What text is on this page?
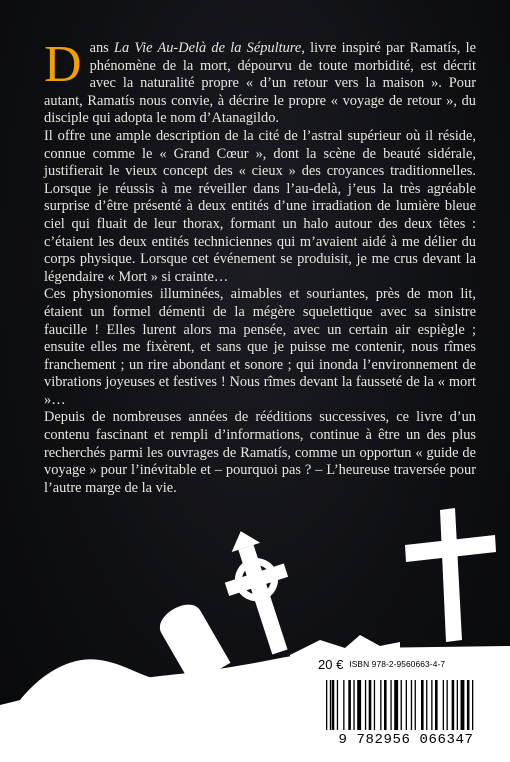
Dans La Vie Au-Delà de la Sépulture, livre inspiré par Ramatís, le phénomène de la mort, dépourvu de toute morbidité, est décrit avec la naturalité propre « d’un retour vers la maison ». Pour autant, Ramatís nous convie, à décrire le propre « voyage de retour », du disciple qui adopta le nom d’Atanagildo.

Il offre une ample description de la cité de l’astral supérieur où il réside, connue comme le « Grand Cœur », dont la scène de beauté sidérale, justifierait le vieux concept des « cieux » des croyances traditionnelles. Lorsque je réussis à me réveiller dans l’au-delà, j’eus la très agréable surprise d’être présenté à deux entités d’une irradiation de lumière bleue ciel qui fluait de leur thorax, formant un halo autour des deux têtes : c’étaient les deux entités techniciennes qui m’avaient aidé à me délier du corps physique. Lorsque cet événement se produisit, je me crus devant la légendaire « Mort » si crainte…

Ces physionomies illuminées, aimables et souriantes, près de mon lit, étaient un formel démenti de la mégère squelettique avec sa sinistre faucille ! Elles lurent alors ma pensée, avec un certain air espiègle ; ensuite elles me fixèrent, et sans que je puisse me contenir, nous rîmes franchement ; un rire abondant et sonore ; qui inonda l’environnement de vibrations joyeuses et festives ! Nous rîmes devant la fausseté de la « mort »…

Depuis de nombreuses années de rééditions successives, ce livre d’un contenu fascinant et rempli d’informations, continue à être un des plus recherchés parmi les ouvrages de Ramatís, comme un opportun « guide de voyage » pour l’inévitable et – pourquoi pas ? – L’heureuse traversée pour l’autre marge de la vie.

20 € ISBN 978-2-9560663-4-7
9 782956 066347
